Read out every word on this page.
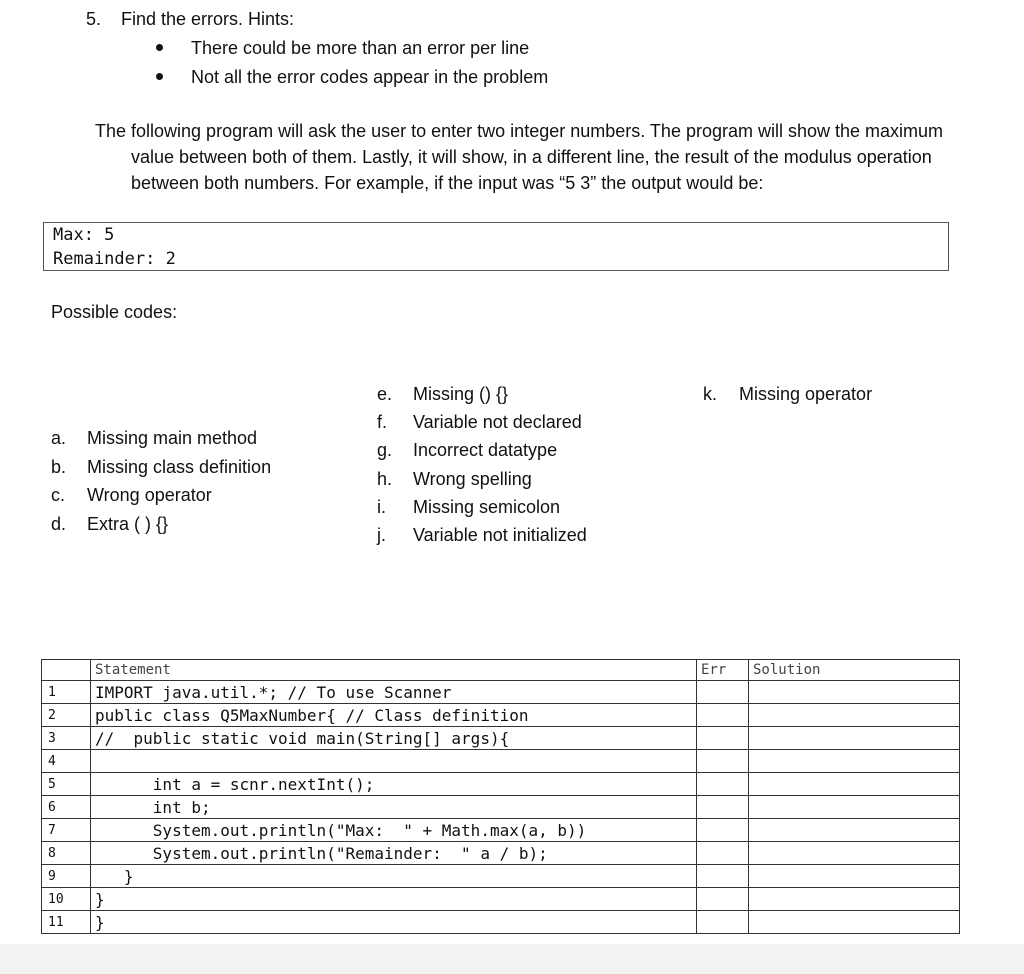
5. Find the errors. Hints:
There could be more than an error per line
Not all the error codes appear in the problem
The following program will ask the user to enter two integer numbers. The program will show the maximum value between both of them. Lastly, it will show, in a different line, the result of the modulus operation between both numbers. For example, if the input was “5 3” the output would be:
Max: 5
Remainder: 2
Possible codes:
a. Missing main method
b. Missing class definition
c. Wrong operator
d. Extra ( ) {}
e. Missing () {}
f. Variable not declared
g. Incorrect datatype
h. Wrong spelling
i. Missing semicolon
j. Variable not initialized
k. Missing operator
	Statement	Err	Solution
1	IMPORT java.util.*; // To use Scanner		
2	public class Q5MaxNumber{ // Class definition		
3	//  public static void main(String[] args){		
4			
5	int a = scnr.nextInt();		
6	int b;		
7	System.out.println("Max:  " + Math.max(a, b))		
8	System.out.println("Remainder:  " a / b);		
9	}		
10	}		
11	}		
